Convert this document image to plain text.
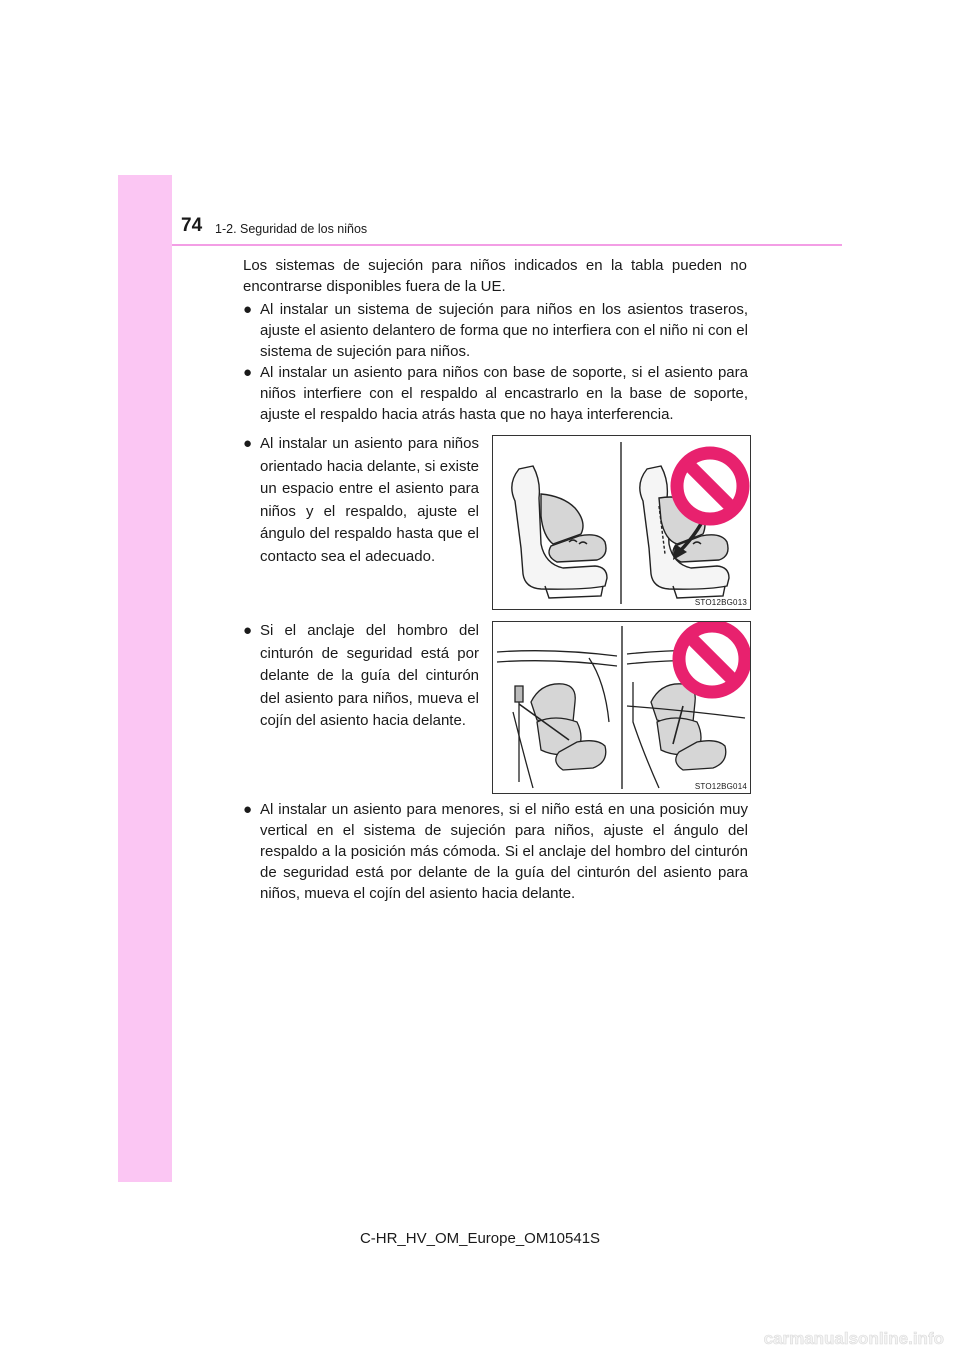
74 1-2. Seguridad de los niños
Los sistemas de sujeción para niños indicados en la tabla pueden no encontrarse disponibles fuera de la UE.
● Al instalar un sistema de sujeción para niños en los asientos traseros, ajuste el asiento delantero de forma que no interfiera con el niño ni con el sistema de sujeción para niños.
● Al instalar un asiento para niños con base de soporte, si el asiento para niños interfiere con el respaldo al encastrarlo en la base de soporte, ajuste el respaldo hacia atrás hasta que no haya interferencia.
● Al instalar un asiento para niños orientado hacia delante, si existe un espacio entre el asiento para niños y el respaldo, ajuste el ángulo del respaldo hasta que el contacto sea el adecuado.
● Si el anclaje del hombro del cinturón de seguridad está por delante de la guía del cinturón del asiento para niños, mueva el cojín del asiento hacia delante.
● Al instalar un asiento para menores, si el niño está en una posición muy vertical en el sistema de sujeción para niños, ajuste el ángulo del respaldo a la posición más cómoda. Si el anclaje del hombro del cinturón de seguridad está por delante de la guía del cinturón del asiento para niños, mueva el cojín del asiento hacia delante.
STO12BG013
STO12BG014
C-HR_HV_OM_Europe_OM10541S
carmanualsonline.info
